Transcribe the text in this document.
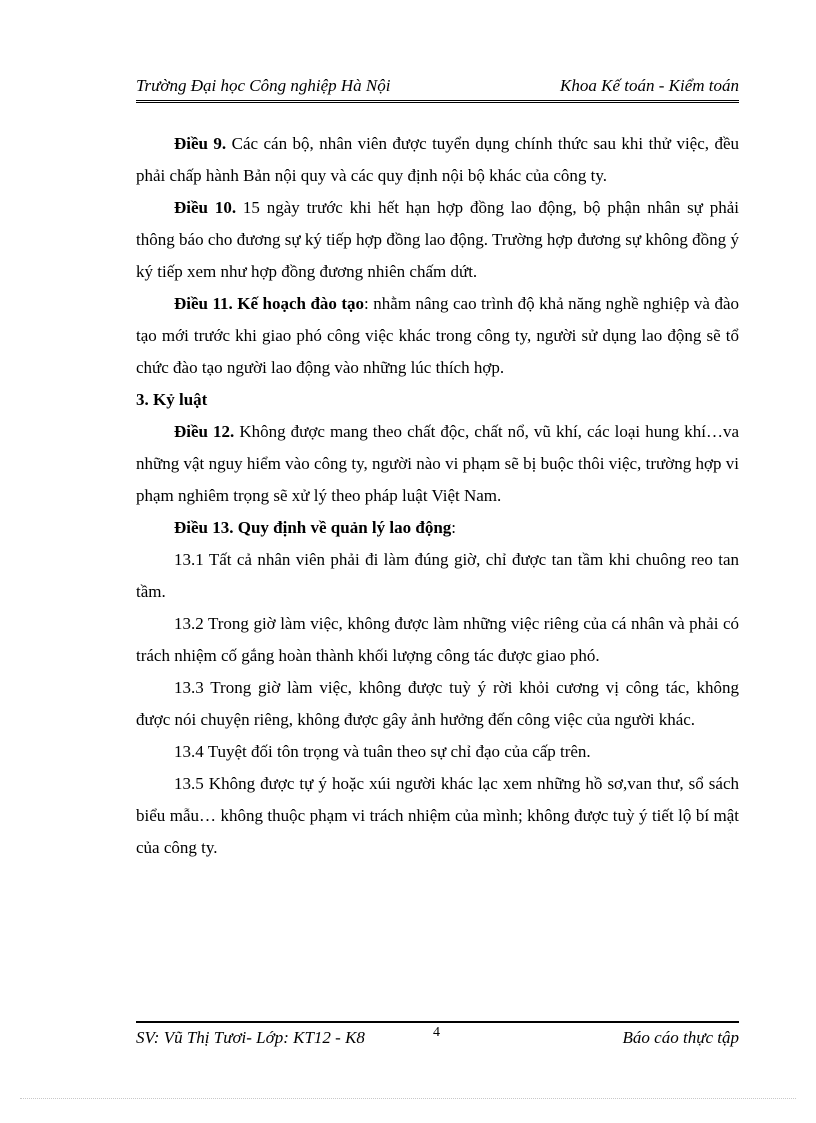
Trường Đại học Công nghiệp Hà Nội	Khoa Kế toán - Kiểm toán

Điều 9. Các cán bộ, nhân viên được tuyển dụng chính thức sau khi thử việc, đều phải chấp hành Bản nội quy và các quy định nội bộ khác của công ty.

Điều 10. 15 ngày trước khi hết hạn hợp đồng lao động, bộ phận nhân sự phải thông báo cho đương sự ký tiếp hợp đồng lao động. Trường hợp đương sự không đồng ý ký tiếp xem như hợp đồng đương nhiên chấm dứt.

Điều 11. Kế hoạch đào tạo: nhằm nâng cao trình độ khả năng nghề nghiệp và đào tạo mới trước khi giao phó công việc khác trong công ty, người sử dụng lao động sẽ tổ chức đào tạo người lao động vào những lúc thích hợp.

3. Kỷ luật

Điều 12. Không được mang theo chất độc, chất nổ, vũ khí, các loại hung khí…va những vật nguy hiểm vào công ty, người nào vi phạm sẽ bị buộc thôi việc, trường hợp vi phạm nghiêm trọng sẽ xử lý theo pháp luật Việt Nam.

Điều 13. Quy định về quản lý lao động:

13.1 Tất cả nhân viên phải đi làm đúng giờ, chỉ được tan tầm khi chuông reo tan tầm.

13.2 Trong giờ làm việc, không được làm những việc riêng của cá nhân và phải có trách nhiệm cố gắng hoàn thành khối lượng công tác được giao phó.

13.3 Trong giờ làm việc, không được tuỳ ý rời khỏi cương vị công tác, không được nói chuyện riêng, không được gây ảnh hưởng đến công việc của người khác.

13.4 Tuyệt đối tôn trọng và tuân theo sự chỉ đạo của cấp trên.

13.5 Không được tự ý hoặc xúi người khác lạc xem những hồ sơ,van thư, sổ sách biểu mẫu… không thuộc phạm vi trách nhiệm của mình; không được tuỳ ý tiết lộ bí mật của công ty.

SV: Vũ Thị Tươi- Lớp: KT12 - K8	4	Báo cáo thực tập
